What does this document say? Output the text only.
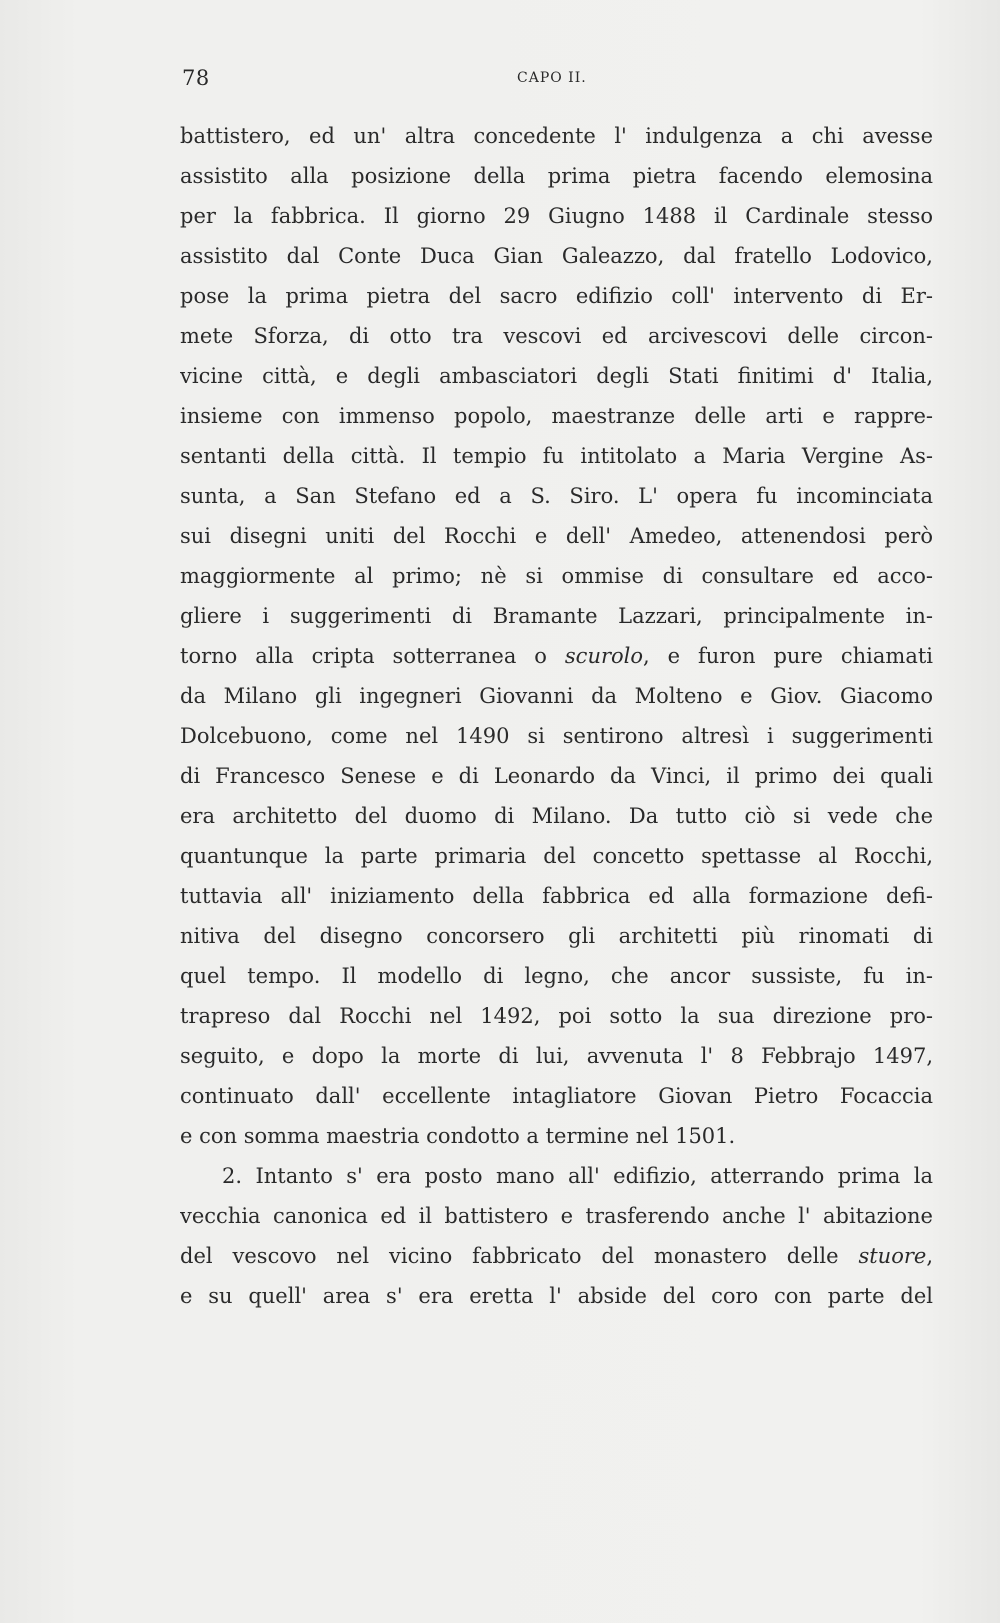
78	CAPO II.
battistero, ed un' altra concedente l' indulgenza a chi avesse
assistito alla posizione della prima pietra facendo elemosina
per la fabbrica. Il giorno 29 Giugno 1488 il Cardinale stesso
assistito dal Conte Duca Gian Galeazzo, dal fratello Lodovico,
pose la prima pietra del sacro edifizio coll' intervento di Er-
mete Sforza, di otto tra vescovi ed arcivescovi delle circon-
vicine città, e degli ambasciatori degli Stati finitimi d' Italia,
insieme con immenso popolo, maestranze delle arti e rappre-
sentanti della città. Il tempio fu intitolato a Maria Vergine As-
sunta, a San Stefano ed a S. Siro. L' opera fu incominciata
sui disegni uniti del Rocchi e dell' Amedeo, attenendosi però
maggiormente al primo; nè si ommise di consultare ed acco-
gliere i suggerimenti di Bramante Lazzari, principalmente in-
torno alla cripta sotterranea o scurolo, e furon pure chiamati
da Milano gli ingegneri Giovanni da Molteno e Giov. Giacomo
Dolcebuono, come nel 1490 si sentirono altresì i suggerimenti
di Francesco Senese e di Leonardo da Vinci, il primo dei quali
era architetto del duomo di Milano. Da tutto ciò si vede che
quantunque la parte primaria del concetto spettasse al Rocchi,
tuttavia all' iniziamento della fabbrica ed alla formazione defi-
nitiva del disegno concorsero gli architetti più rinomati di
quel tempo. Il modello di legno, che ancor sussiste, fu in-
trapreso dal Rocchi nel 1492, poi sotto la sua direzione pro-
seguito, e dopo la morte di lui, avvenuta l' 8 Febbrajo 1497,
continuato dall' eccellente intagliatore Giovan Pietro Focaccia
e con somma maestria condotto a termine nel 1501.
2. Intanto s' era posto mano all' edifizio, atterrando prima la
vecchia canonica ed il battistero e trasferendo anche l' abitazione
del vescovo nel vicino fabbricato del monastero delle stuore,
e su quell' area s' era eretta l' abside del coro con parte del
